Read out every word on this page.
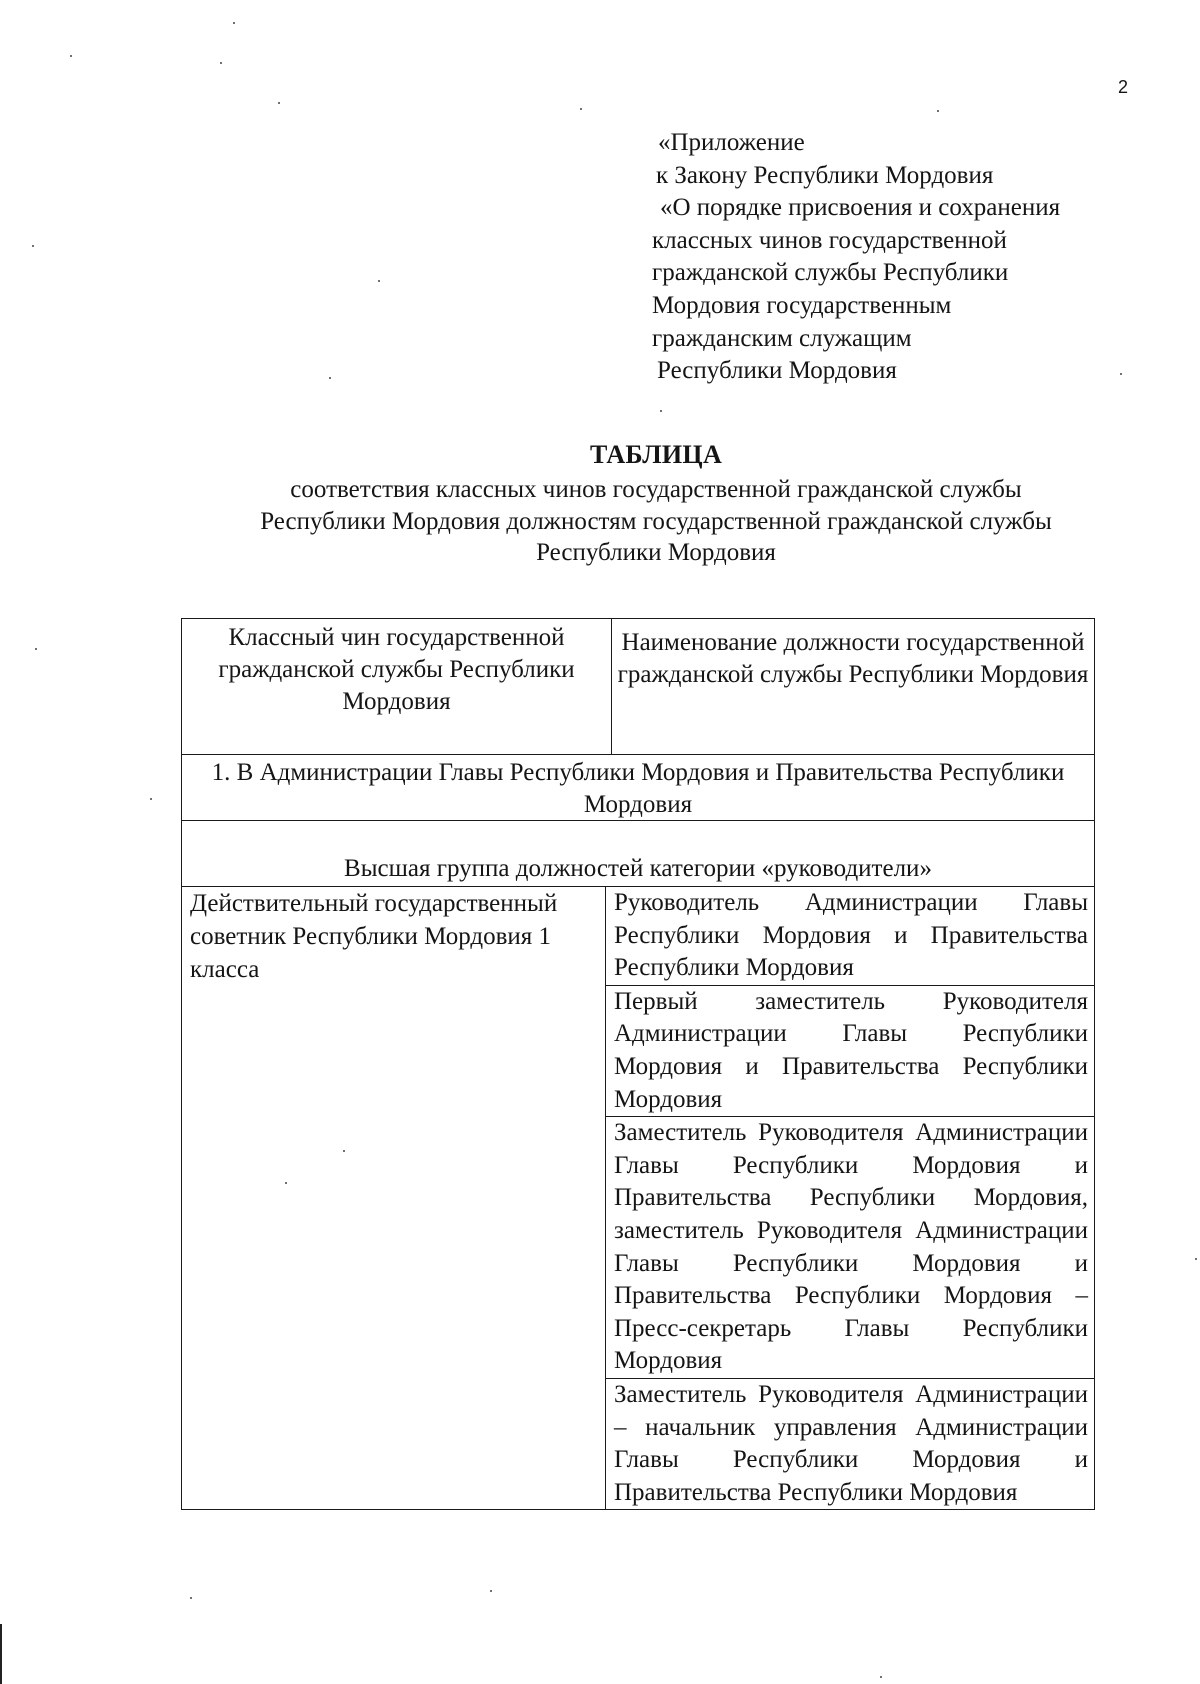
2
«Приложение
к Закону Республики Мордовия
«О порядке присвоения и сохранения
классных чинов государственной
гражданской службы Республики
Мордовия государственным
гражданским служащим
Республики Мордовия
ТАБЛИЦА
соответствия классных чинов государственной гражданской службы
Республики Мордовия должностям государственной гражданской службы
Республики Мордовия
Классный чин государственной гражданской службы Республики Мордовия
Наименование должности государственной гражданской службы Республики Мордовия
1. В Администрации Главы Республики Мордовия и Правительства Республики Мордовия
Высшая группа должностей категории «руководители»
Действительный государственный советник Республики Мордовия 1 класса
Руководитель Администрации Главы Республики Мордовия и Правительства Республики Мордовия
Первый заместитель Руководителя Администрации Главы Республики Мордовия и Правительства Республики Мордовия
Заместитель Руководителя Администрации Главы Республики Мордовия и Правительства Республики Мордовия, заместитель Руководителя Администрации Главы Республики Мордовия и Правительства Республики Мордовия – Пресс-секретарь Главы Республики Мордовия
Заместитель Руководителя Администрации – начальник управления Администрации Главы Республики Мордовия и Правительства Республики Мордовия
